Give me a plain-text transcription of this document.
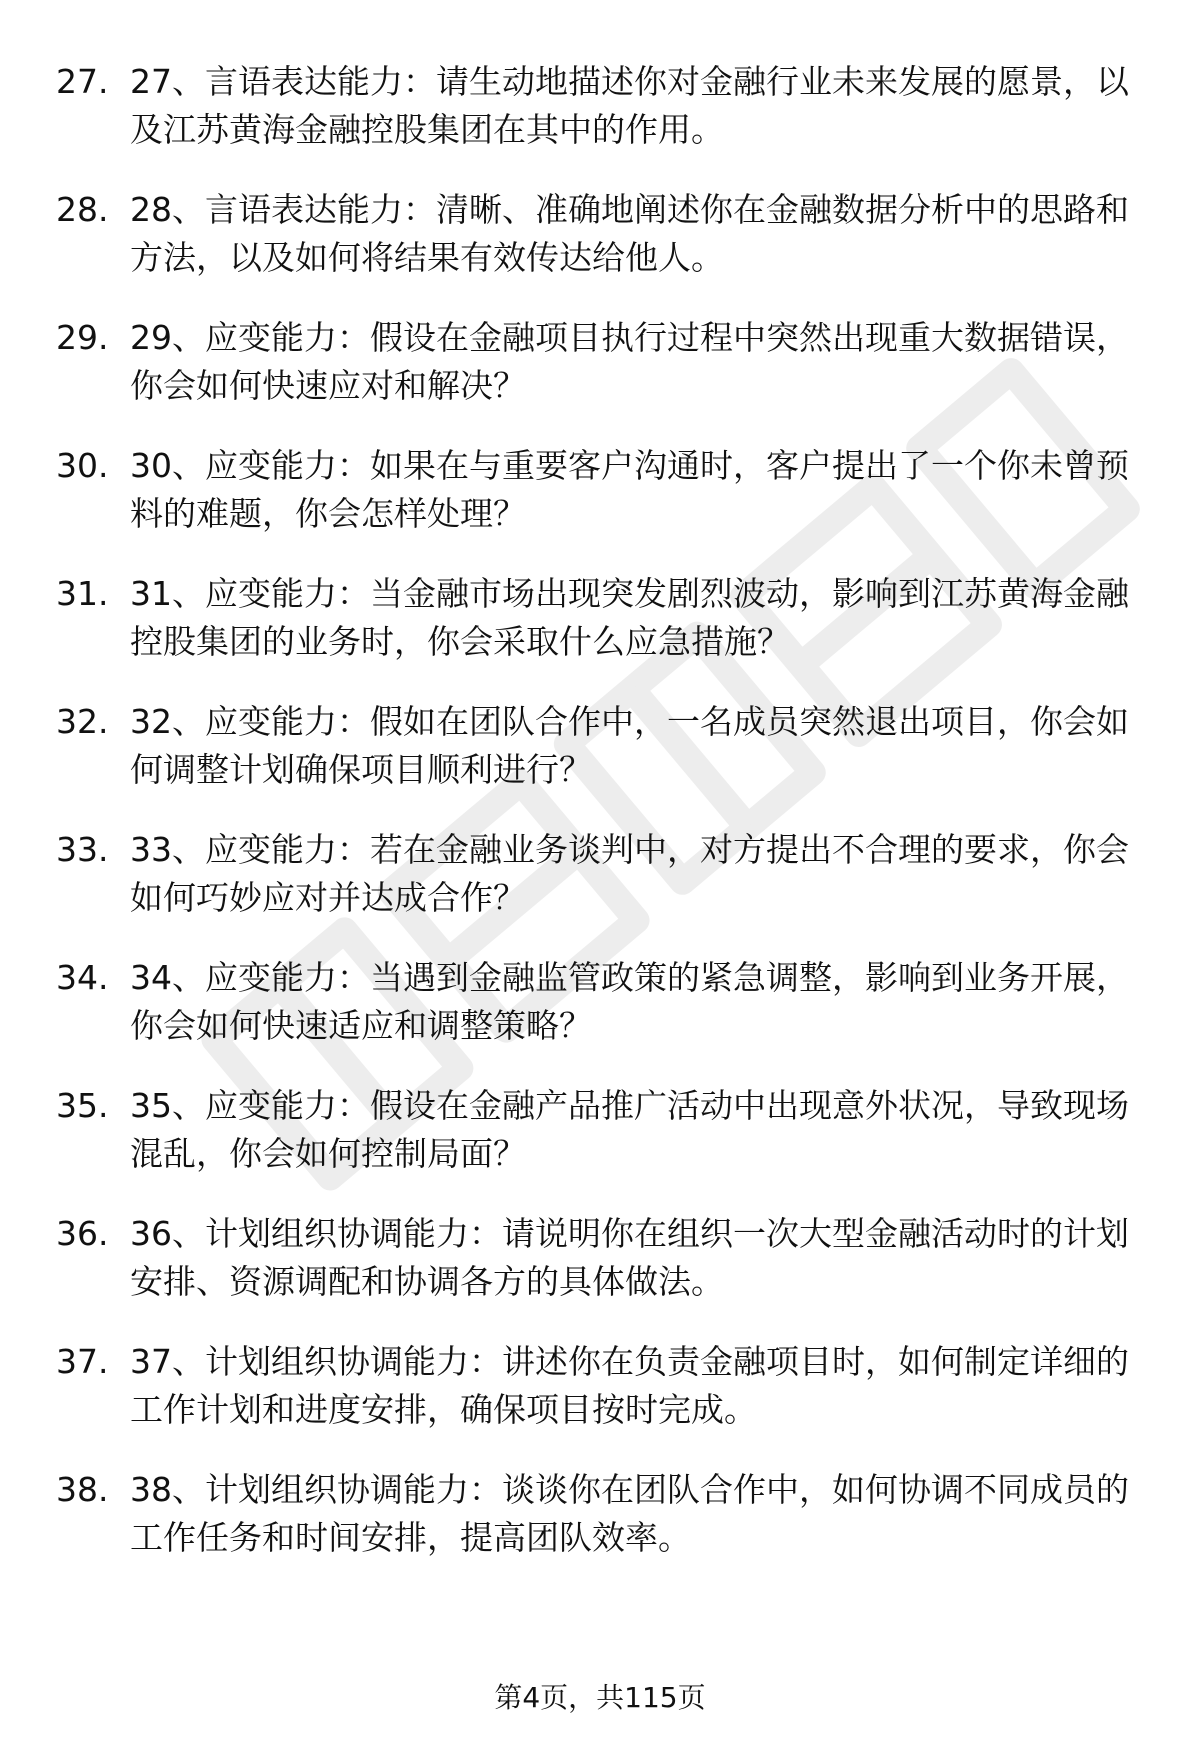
27. 27、言语表达能力：请生动地描述你对金融行业未来发展的愿景，以及江苏黄海金融控股集团在其中的作用。
28. 28、言语表达能力：清晰、准确地阐述你在金融数据分析中的思路和方法，以及如何将结果有效传达给他人。
29. 29、应变能力：假设在金融项目执行过程中突然出现重大数据错误，你会如何快速应对和解决？
30. 30、应变能力：如果在与重要客户沟通时，客户提出了一个你未曾预料的难题，你会怎样处理？
31. 31、应变能力：当金融市场出现突发剧烈波动，影响到江苏黄海金融控股集团的业务时，你会采取什么应急措施？
32. 32、应变能力：假如在团队合作中，一名成员突然退出项目，你会如何调整计划确保项目顺利进行？
33. 33、应变能力：若在金融业务谈判中，对方提出不合理的要求，你会如何巧妙应对并达成合作？
34. 34、应变能力：当遇到金融监管政策的紧急调整，影响到业务开展，你会如何快速适应和调整策略？
35. 35、应变能力：假设在金融产品推广活动中出现意外状况，导致现场混乱，你会如何控制局面？
36. 36、计划组织协调能力：请说明你在组织一次大型金融活动时的计划安排、资源调配和协调各方的具体做法。
37. 37、计划组织协调能力：讲述你在负责金融项目时，如何制定详细的工作计划和进度安排，确保项目按时完成。
38. 38、计划组织协调能力：谈谈你在团队合作中，如何协调不同成员的工作任务和时间安排，提高团队效率。
第4页，共115页
